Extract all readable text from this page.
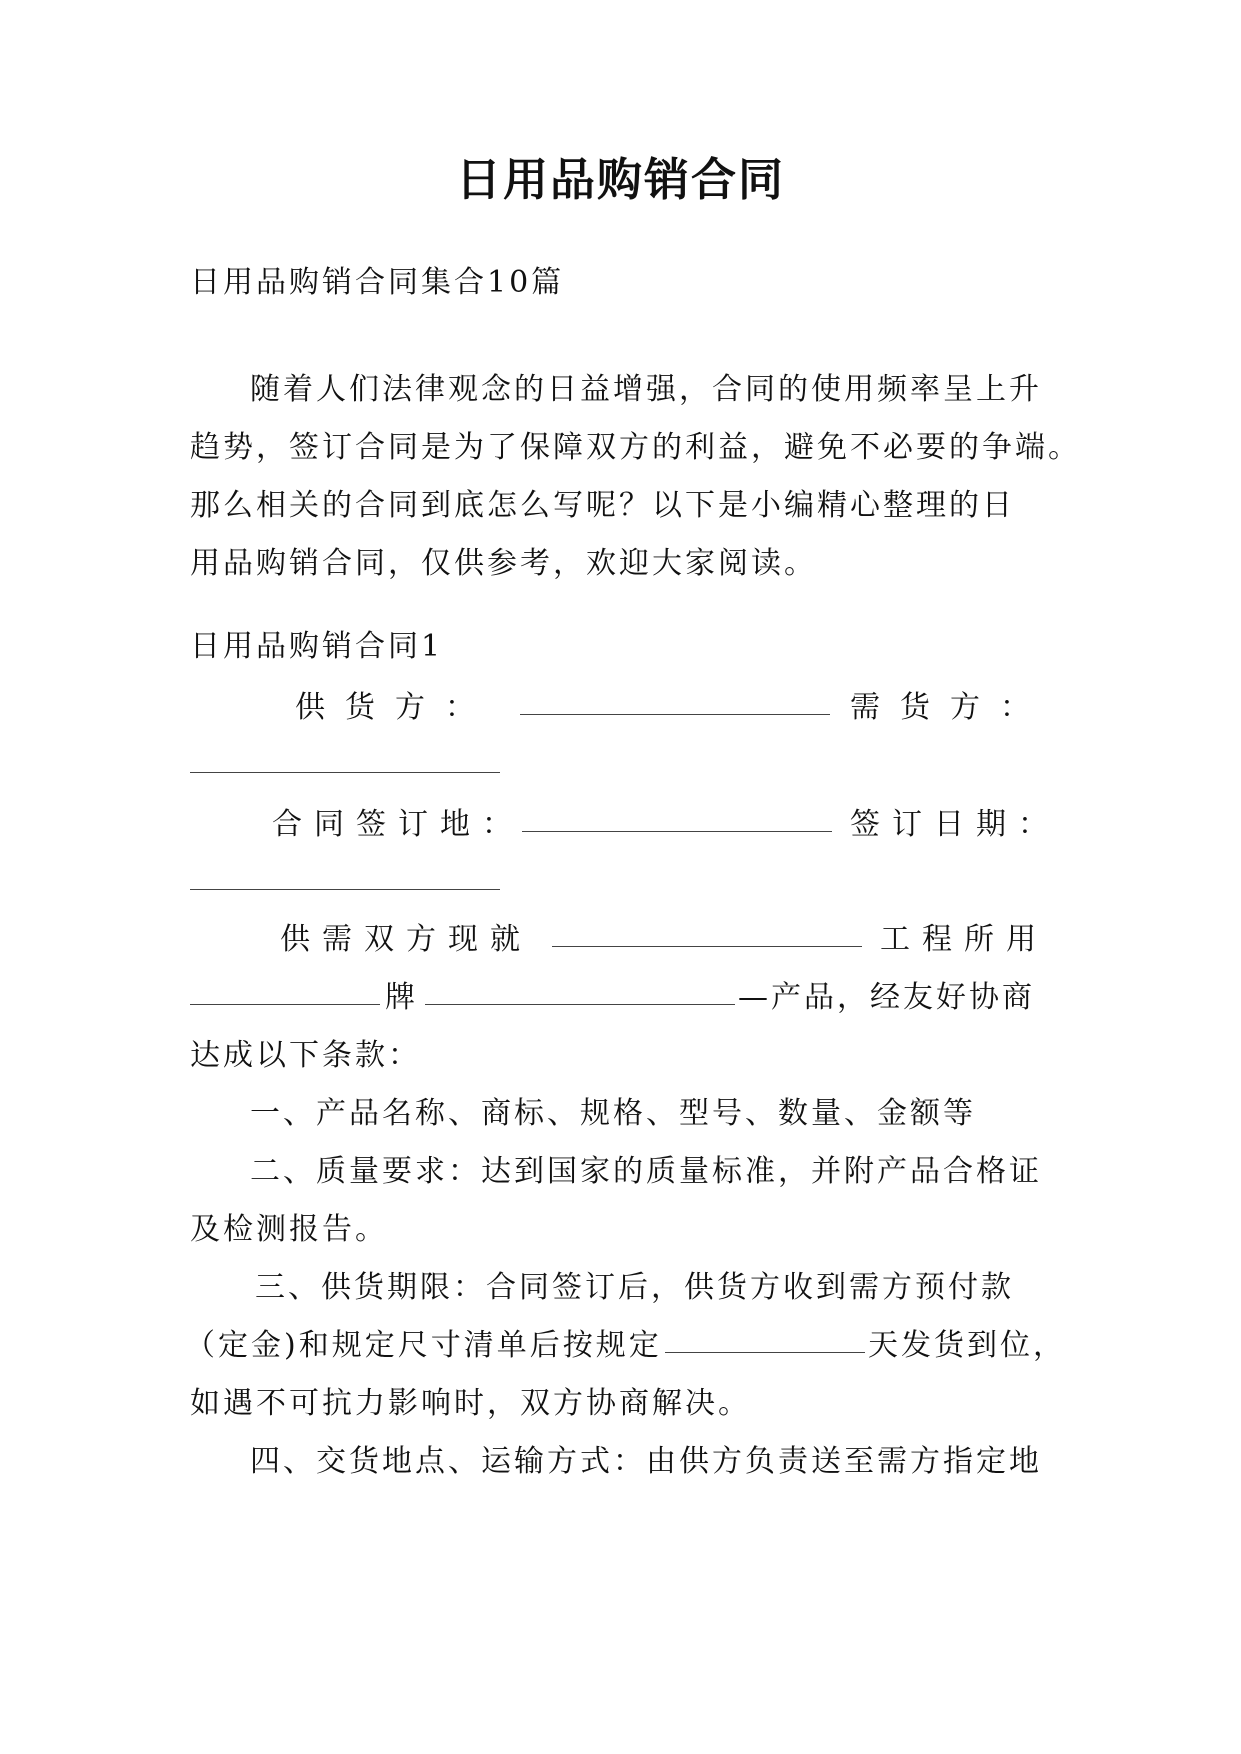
日用品购销合同
日用品购销合同集合10篇
随着人们法律观念的日益增强，合同的使用频率呈上升
趋势，签订合同是为了保障双方的利益，避免不必要的争端。
那么相关的合同到底怎么写呢？以下是小编精心整理的日
用品购销合同，仅供参考，欢迎大家阅读。
日用品购销合同1
供货方：	需货方：
合同签订地：	签订日期：
供需双方现就	工程所用
牌	—产品，经友好协商
达成以下条款：
一、产品名称、商标、规格、型号、数量、金额等
二、质量要求：达到国家的质量标准，并附产品合格证
及检测报告。
三、供货期限：合同签订后，供货方收到需方预付款
（定金)和规定尺寸清单后按规定	天发货到位，
如遇不可抗力影响时，双方协商解决。
四、交货地点、运输方式：由供方负责送至需方指定地
